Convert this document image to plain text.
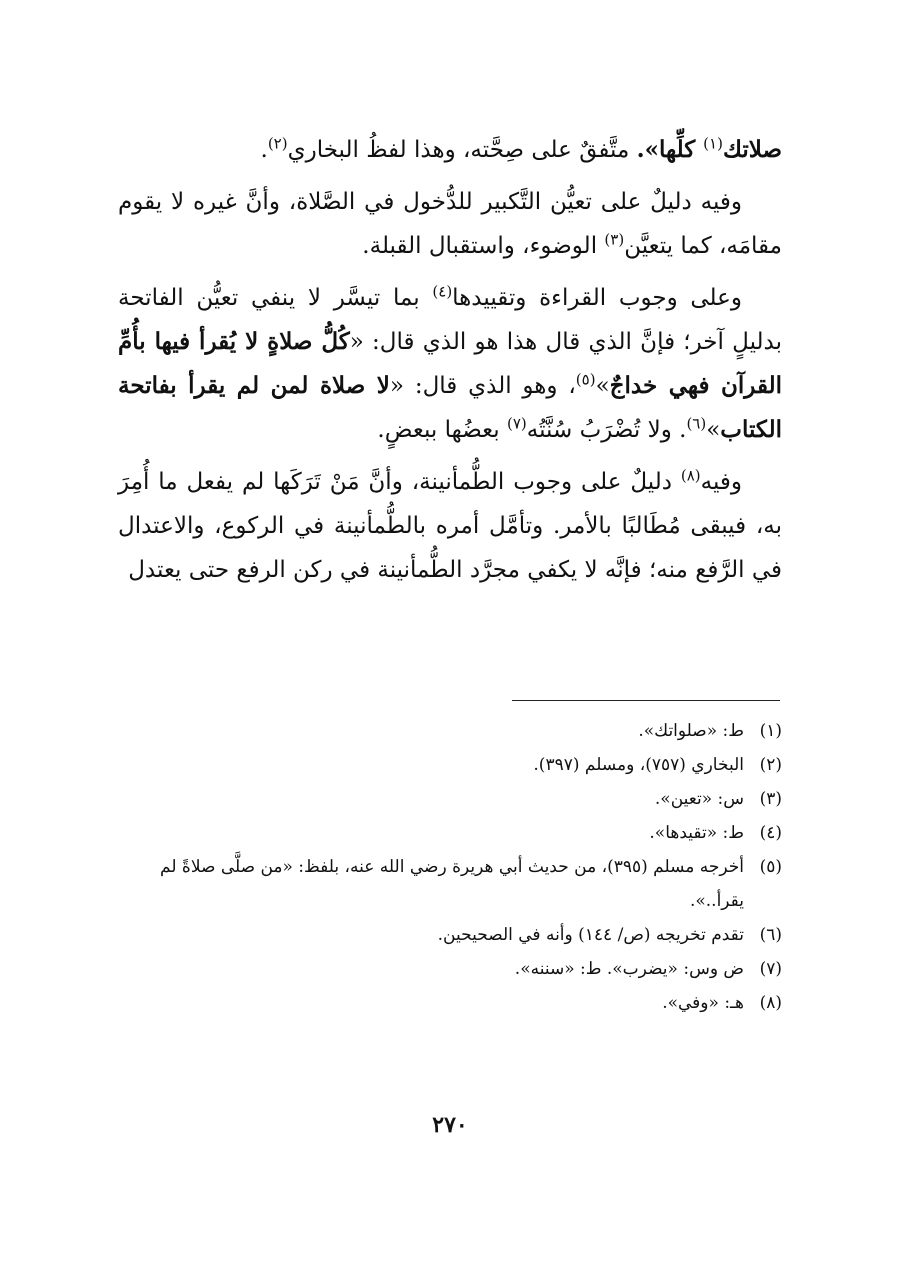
صلاتك$^{(١)}$ كلِّها». متَّفقٌ على صِحَّته، وهذا لفظُ البخاري$^{(٢)}$.

وفيه دليلٌ على تعيُّن التَّكبير للدُّخول في الصَّلاة، وأنَّ غيره لا يقوم مقامَه، كما يتعيَّن$^{(٣)}$ الوضوء، واستقبال القبلة.

وعلى وجوب القراءة وتقييدها$^{(٤)}$ بما تيسَّر لا ينفي تعيُّن الفاتحة بدليلٍ آخر؛ فإنَّ الذي قال هذا هو الذي قال: «كُلُّ صلاةٍ لا يُقرأ فيها بأُمِّ القرآن فهي خداجٌ»$^{(٥)}$، وهو الذي قال: «لا صلاة لمن لم يقرأ بفاتحة الكتاب»$^{(٦)}$. ولا تُضْرَبُ سُنَّتُه$^{(٧)}$ بعضُها ببعضٍ.

وفيه$^{(٨)}$ دليلٌ على وجوب الطُّمأنينة، وأنَّ مَنْ تَرَكَها لم يفعل ما أُمِرَ به، فيبقى مُطَالبًا بالأمر. وتأمَّل أمره بالطُّمأنينة في الركوع، والاعتدال في الرَّفع منه؛ فإنَّه لا يكفي مجرَّد الطُّمأنينة في ركن الرفع حتى يعتدل

(١)
ط: «صلواتك».
(٢)
البخاري (٧٥٧)، ومسلم (٣٩٧).
(٣)
س: «تعين».
(٤)
ط: «تقيدها».
(٥)
أخرجه مسلم (٣٩٥)، من حديث أبي هريرة رضي الله عنه، بلفظ: «من صلَّى صلاةً لم يقرأ..».
(٦)
تقدم تخريجه (ص/ ١٤٤) وأنه في الصحيحين.
(٧)
ض وس: «يضرب». ط: «سننه».
(٨)
هـ: «وفي».
٢٧٠
